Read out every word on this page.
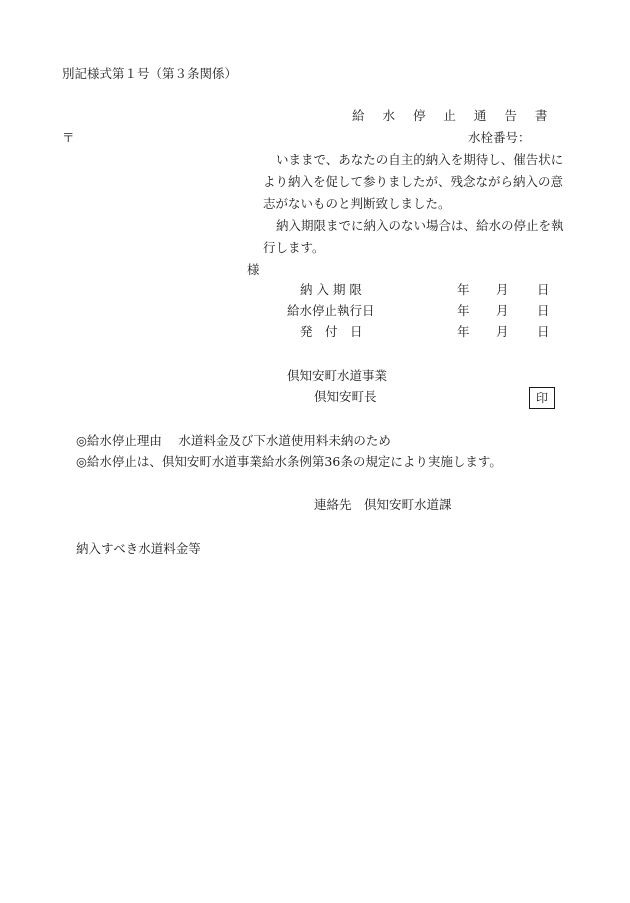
別記様式第１号（第３条関係）
給 水 停 止 通 告 書
〒	水栓番号：
いままで、あなたの自主的納入を期待し、催告状に
より納入を促して参りましたが、残念ながら納入の意
志がないものと判断致しました。
納入期限までに納入のない場合は、給水の停止を執
行します。
様
納 入 期 限	年 月 日
給水停止執行日	年 月 日
発　付　日	年 月 日
倶知安町水道事業
倶知安町長	印
◎給水停止理由　 水道料金及び下水道使用料未納のため
◎給水停止は、倶知安町水道事業給水条例第36条の規定により実施します。
連絡先　倶知安町水道課
納入すべき水道料金等
